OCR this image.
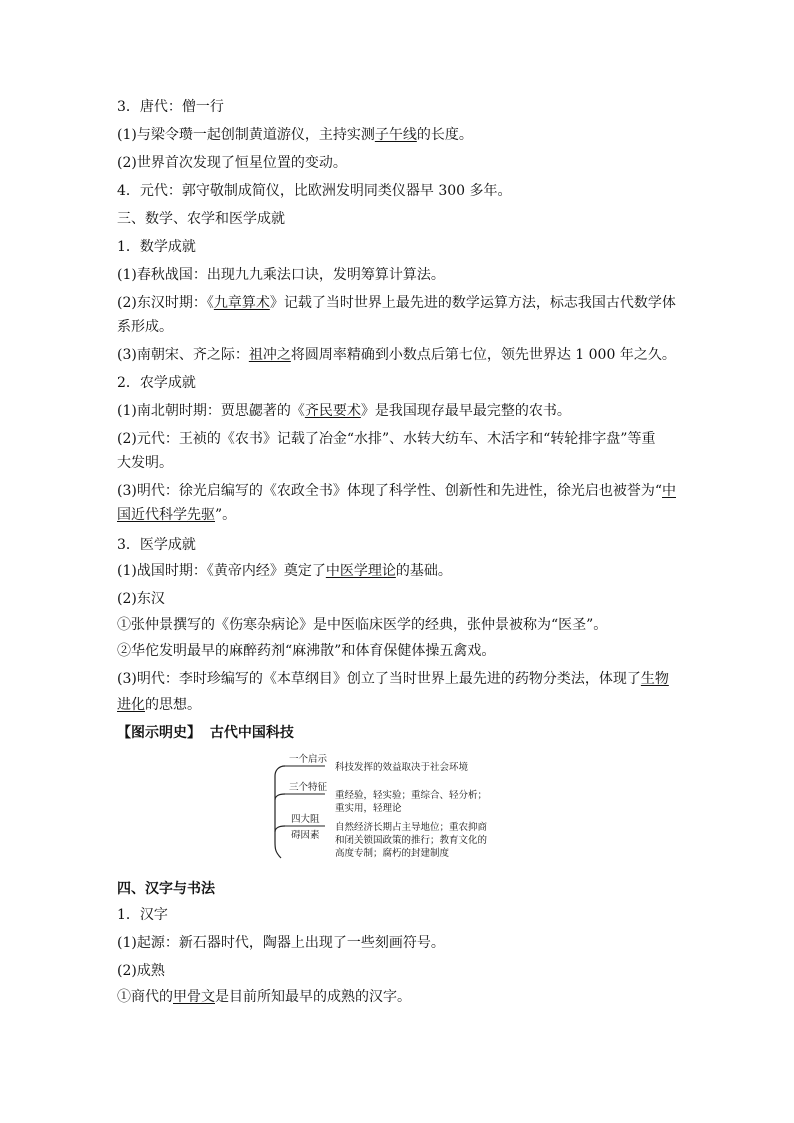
3．唐代：僧一行
(1)与梁令瓒一起创制黄道游仪，主持实测子午线的长度。
(2)世界首次发现了恒星位置的变动。
4．元代：郭守敬制成简仪，比欧洲发明同类仪器早 300 多年。
三、数学、农学和医学成就
1．数学成就
(1)春秋战国：出现九九乘法口诀，发明筹算计算法。
(2)东汉时期：《九章算术》记载了当时世界上最先进的数学运算方法，标志我国古代数学体
系形成。
(3)南朝宋、齐之际：祖冲之将圆周率精确到小数点后第七位，领先世界达 1 000 年之久。
2．农学成就
(1)南北朝时期：贾思勰著的《齐民要术》是我国现存最早最完整的农书。
(2)元代：王祯的《农书》记载了冶金“水排”、水转大纺车、木活字和“转轮排字盘”等重
大发明。
(3)明代：徐光启编写的《农政全书》体现了科学性、创新性和先进性，徐光启也被誉为“中
国近代科学先驱”。
3．医学成就
(1)战国时期：《黄帝内经》奠定了中医学理论的基础。
(2)东汉
①张仲景撰写的《伤寒杂病论》是中医临床医学的经典，张仲景被称为“医圣”。
②华佗发明最早的麻醉药剂“麻沸散”和体育保健体操五禽戏。
(3)明代：李时珍编写的《本草纲目》创立了当时世界上最先进的药物分类法，体现了生物
进化的思想。
【图示明史】 古代中国科技
一个启示
科技发挥的效益取决于社会环境
三个特征
重经验，轻实验；重综合、轻分析；
重实用，轻理论
四大阻
碍因素
自然经济长期占主导地位；重农抑商
和闭关锁国政策的推行；教育文化的
高度专制；腐朽的封建制度
四、汉字与书法
1．汉字
(1)起源：新石器时代，陶器上出现了一些刻画符号。
(2)成熟
①商代的甲骨文是目前所知最早的成熟的汉字。
